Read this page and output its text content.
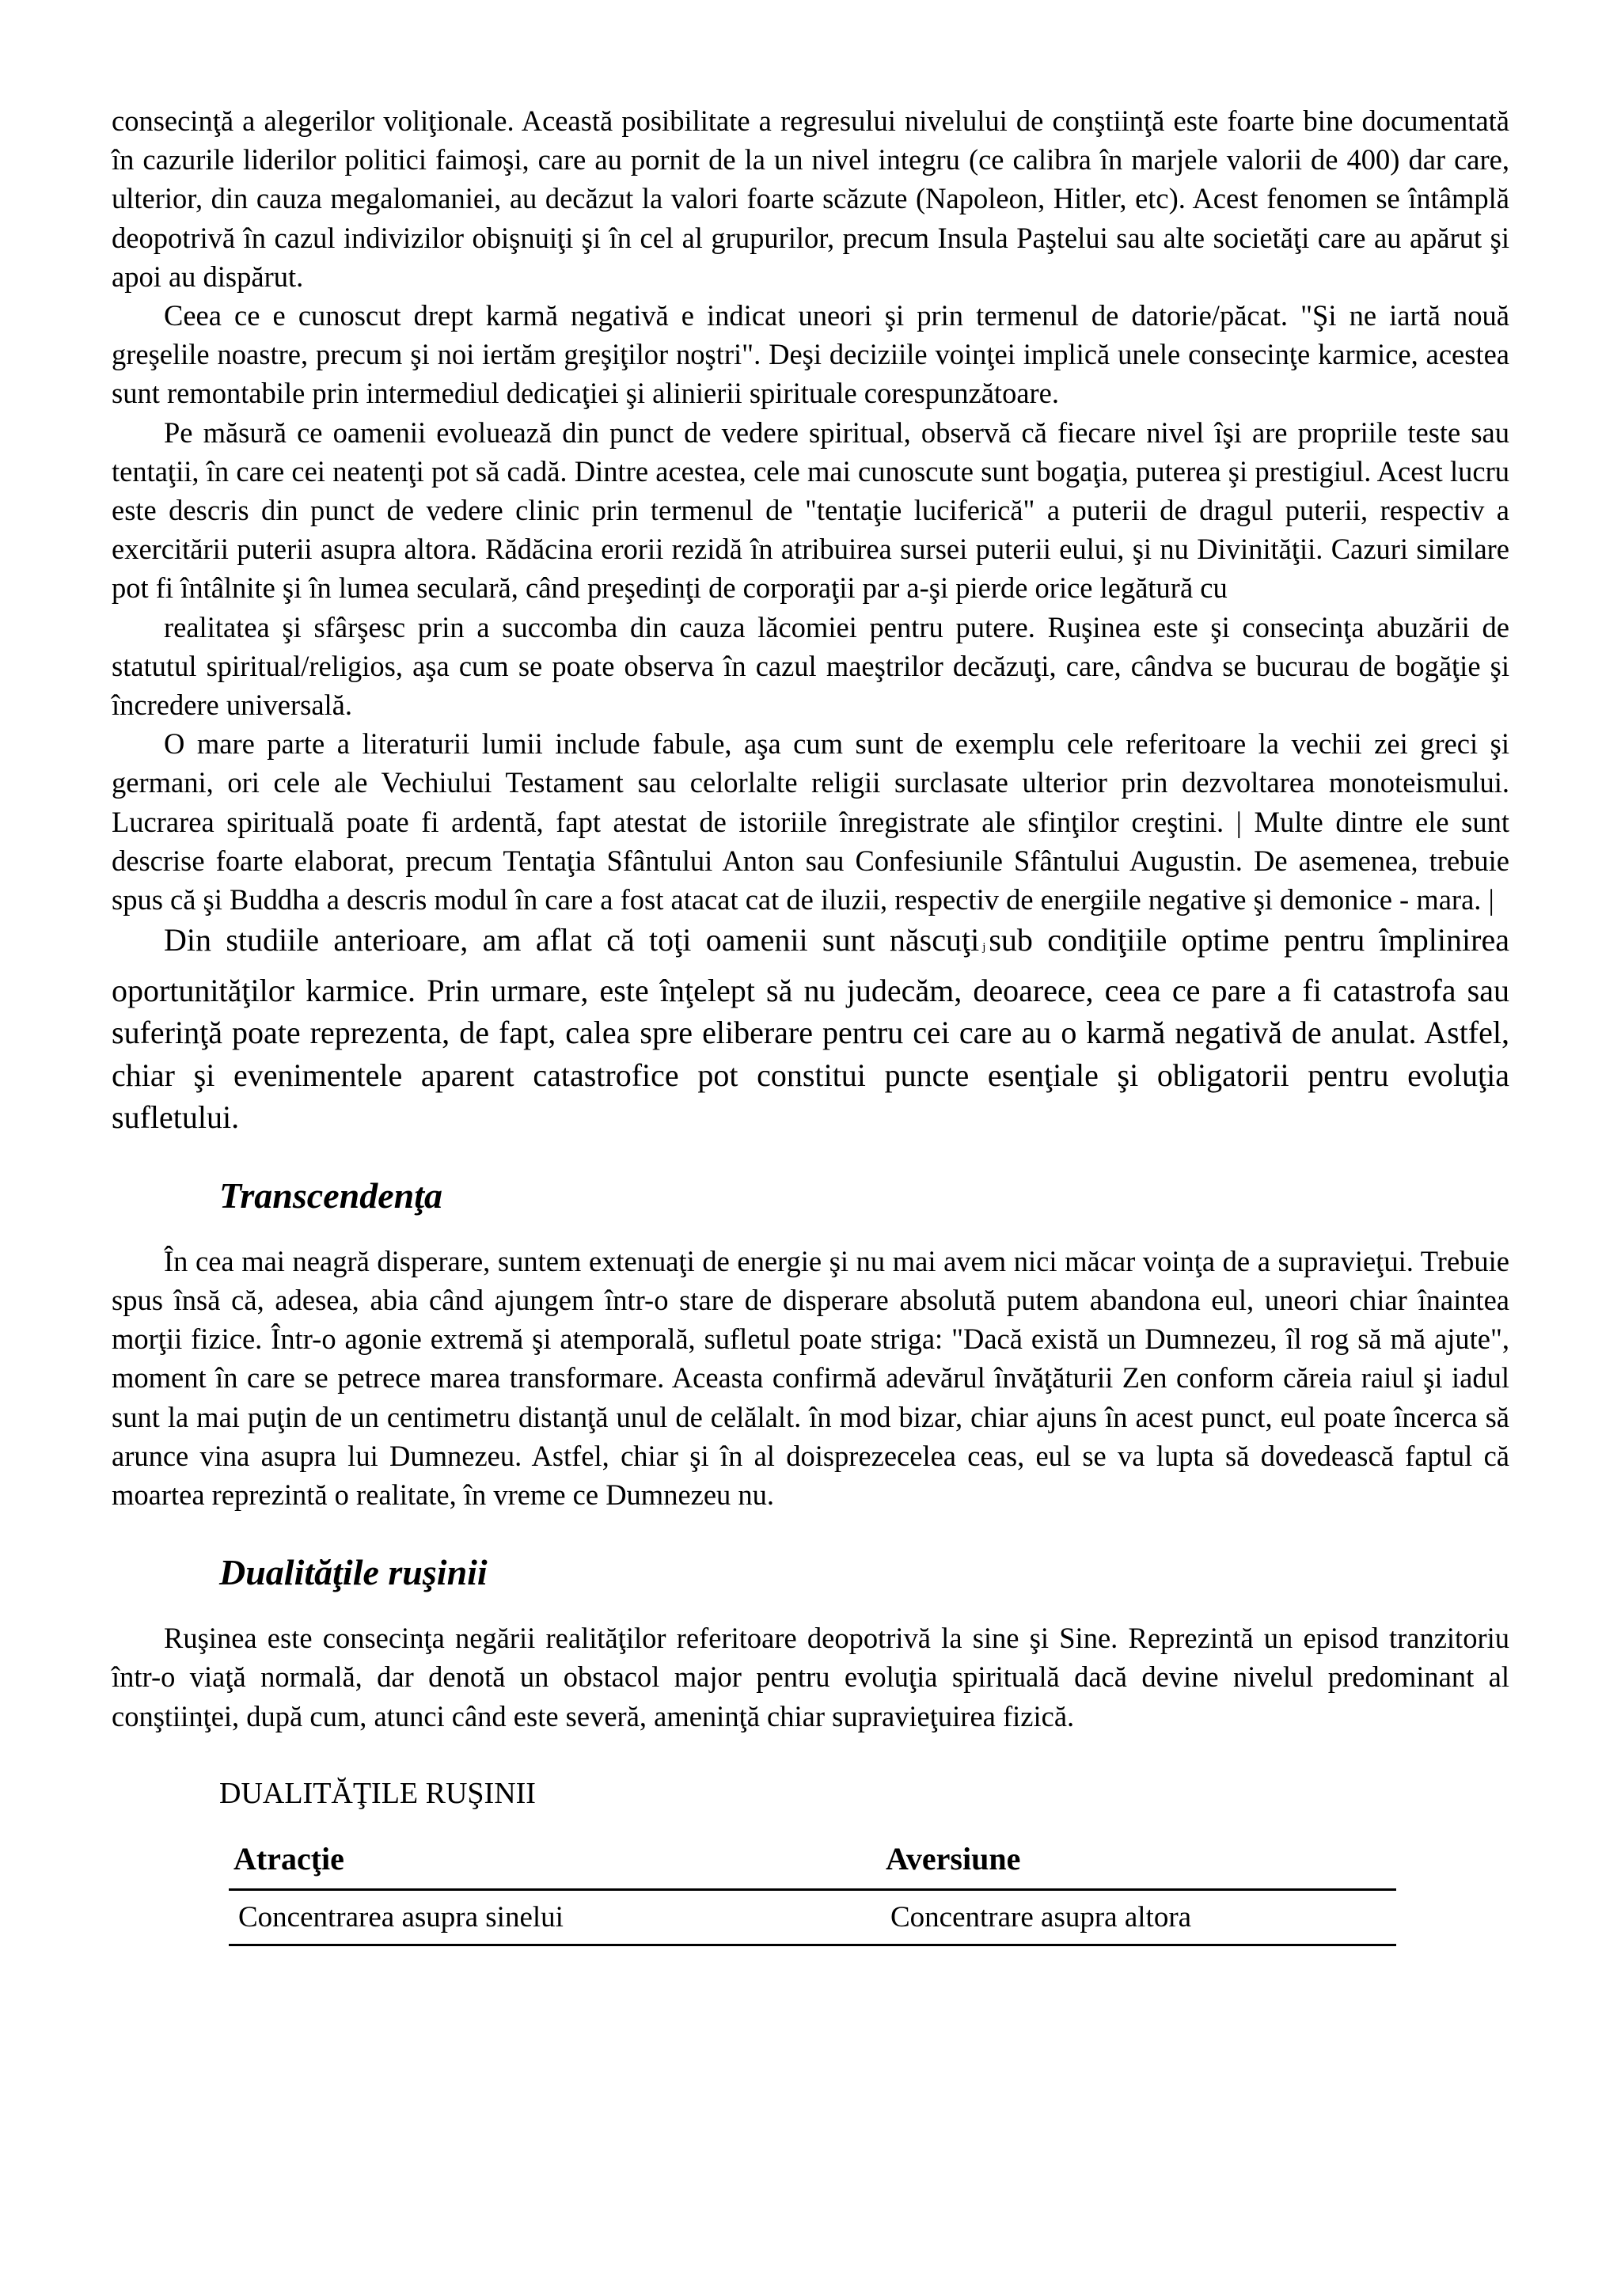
consecinţă a alegerilor voliţionale. Această posibilitate a regresului nivelului de conştiinţă este foarte bine documentată în cazurile liderilor politici faimoşi, care au pornit de la un nivel integru (ce calibra în marjele valorii de 400) dar care, ulterior, din cauza megalomaniei, au decăzut la valori foarte scăzute (Napoleon, Hitler, etc). Acest fenomen se întâmplă deopotrivă în cazul indivizilor obişnuiţi şi în cel al grupurilor, precum Insula Paştelui sau alte societăţi care au apărut şi apoi au dispărut.

Ceea ce e cunoscut drept karmă negativă e indicat uneori şi prin termenul de datorie/păcat. "Şi ne iartă nouă greşelile noastre, precum şi noi iertăm greşiţilor noştri". Deşi deciziile voinţei implică unele consecinţe karmice, acestea sunt remontabile prin intermediul dedicaţiei şi alinierii spirituale corespunzătoare.

Pe măsură ce oamenii evoluează din punct de vedere spiritual, observă că fiecare nivel îşi are propriile teste sau tentaţii, în care cei neatenţi pot să cadă. Dintre acestea, cele mai cunoscute sunt bogaţia, puterea şi prestigiul. Acest lucru este descris din punct de vedere clinic prin termenul de "tentaţie luciferică" a puterii de dragul puterii, respectiv a exercitării puterii asupra altora. Rădăcina erorii rezidă în atribuirea sursei puterii eului, şi nu Divinităţii. Cazuri similare pot fi întâlnite şi în lumea seculară, când preşedinţi de corporaţii par a-şi pierde orice legătură cu

realitatea şi sfârşesc prin a succomba din cauza lăcomiei pentru putere. Ruşinea este şi consecinţa abuzării de statutul spiritual/religios, aşa cum se poate observa în cazul maeştrilor decăzuţi, care, cândva se bucurau de bogăţie şi încredere universală.

O mare parte a literaturii lumii include fabule, aşa cum sunt de exemplu cele referitoare la vechii zei greci şi germani, ori cele ale Vechiului Testament sau celorlalte religii surclasate ulterior prin dezvoltarea monoteismului. Lucrarea spirituală poate fi ardentă, fapt atestat de istoriile înregistrate ale sfinţilor creştini. | Multe dintre ele sunt descrise foarte elaborat, precum Tentaţia Sfântului Anton sau Confesiunile Sfântului Augustin. De asemenea, trebuie spus că şi Buddha a descris modul în care a fost atacat cat de iluzii, respectiv de energiile negative şi demonice - mara. |

Din studiile anterioare, am aflat că toţi oamenii sunt născuţi j sub condiţiile optime pentru împlinirea oportunităţilor karmice. Prin urmare, este înţelept să nu judecăm, deoarece, ceea ce pare a fi catastrofa sau suferinţă poate reprezenta, de fapt, calea spre eliberare pentru cei care au o karmă negativă de anulat. Astfel, chiar şi evenimentele aparent catastrofice pot constitui puncte esenţiale şi obligatorii pentru evoluţia sufletului.

Transcendenţa

În cea mai neagră disperare, suntem extenuaţi de energie şi nu mai avem nici măcar voinţa de a supravieţui. Trebuie spus însă că, adesea, abia când ajungem într-o stare de disperare absolută putem abandona eul, uneori chiar înaintea morţii fizice. Într-o agonie extremă şi atemporală, sufletul poate striga: "Dacă există un Dumnezeu, îl rog să mă ajute", moment în care se petrece marea transformare. Aceasta confirmă adevărul învăţăturii Zen conform căreia raiul şi iadul sunt la mai puţin de un centimetru distanţă unul de celălalt. în mod bizar, chiar ajuns în acest punct, eul poate încerca să arunce vina asupra lui Dumnezeu. Astfel, chiar şi în al doisprezecelea ceas, eul se va lupta să dovedească faptul că moartea reprezintă o realitate, în vreme ce Dumnezeu nu.

Dualităţile ruşinii

Ruşinea este consecinţa negării realităţilor referitoare deopotrivă la sine şi Sine. Reprezintă un episod tranzitoriu într-o viaţă normală, dar denotă un obstacol major pentru evoluţia spirituală dacă devine nivelul predominant al conştiinţei, după cum, atunci când este severă, ameninţă chiar supravieţuirea fizică.

DUALITĂŢILE RUŞINII

Atracţie	Aversiune
Concentrarea asupra sinelui	Concentrare asupra altora
